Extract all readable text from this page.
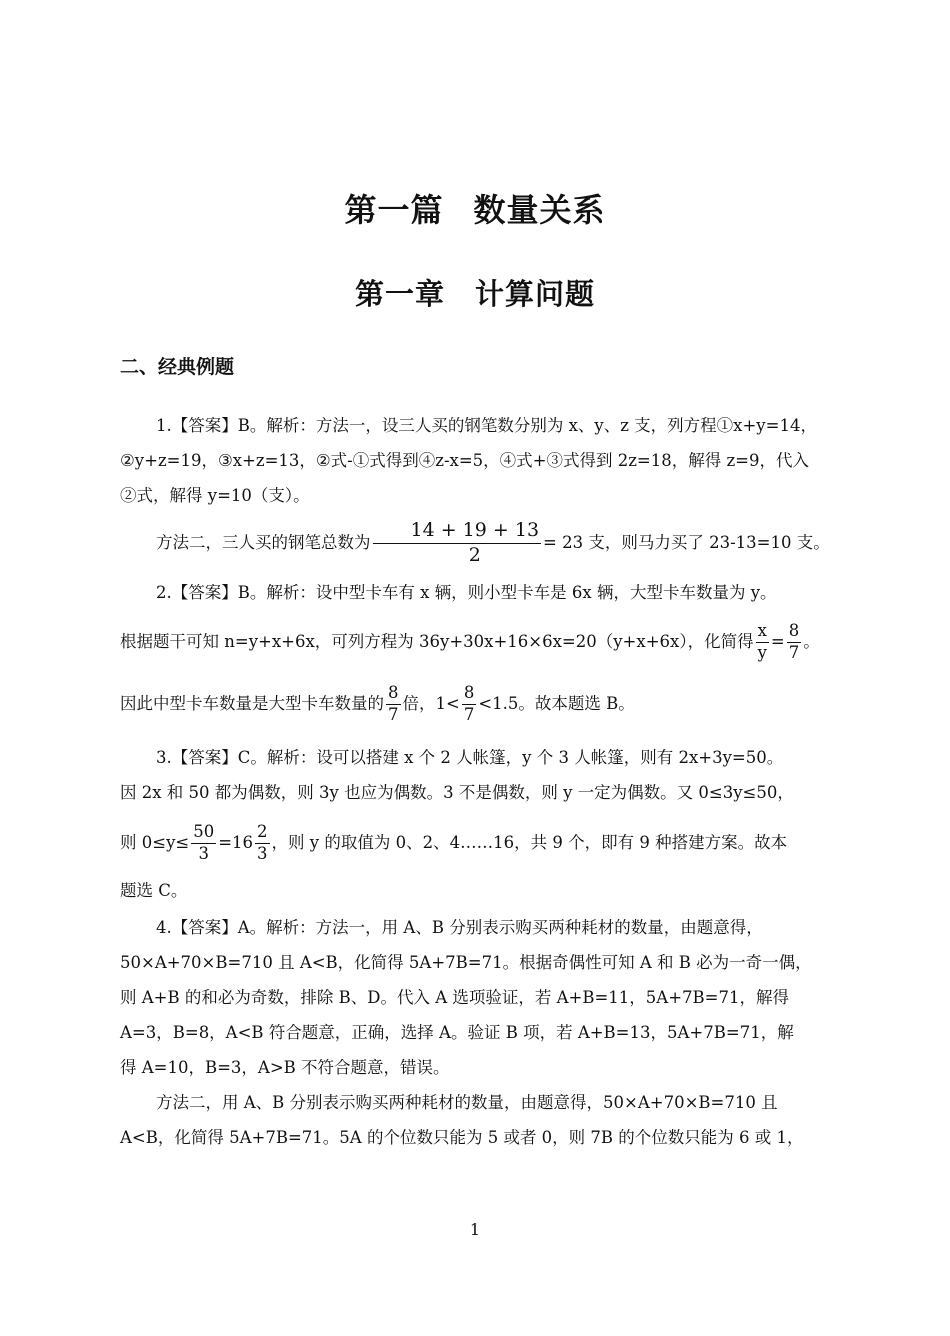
第一篇 数量关系
第一章 计算问题
二、经典例题
1.【答案】B。解析：方法一，设三人买的钢笔数分别为 x、y、z 支，列方程①x+y=14，
②y+z=19，③x+z=13，②式-①式得到④z-x=5，④式+③式得到 2z=18，解得 z=9，代入
②式，解得 y=10（支）。
方法二，三人买的钢笔总数为 $\frac{14 + 19 + 13}{2} = 23$ 支，则马力买了 23-13=10 支。
2.【答案】B。解析：设中型卡车有 x 辆，则小型卡车是 6x 辆，大型卡车数量为 y。
根据题干可知 n=y+x+6x，可列方程为 36y+30x+16×6x=20（y+x+6x），化简得 $\frac{x}{y} = \frac{8}{7}$ 。
因此中型卡车数量是大型卡车数量的 $\frac{8}{7}$ 倍，$1< \frac{8}{7} <1.5$。故本题选 B。
3.【答案】C。解析：设可以搭建 x 个 2 人帐篷，y 个 3 人帐篷，则有 2x+3y=50。
因 2x 和 50 都为偶数，则 3y 也应为偶数。3 不是偶数，则 y 一定为偶数。又 0≤3y≤50，
则 $0\le y\le \frac{50}{3} =16 \frac{2}{3}$ ，则 y 的取值为 0、2、4……16，共 9 个，即有 9 种搭建方案。故本
题选 C。
4.【答案】A。解析：方法一，用 A、B 分别表示购买两种耗材的数量，由题意得，
50×A+70×B=710 且 A<B，化简得 5A+7B=71。根据奇偶性可知 A 和 B 必为一奇一偶，
则 A+B 的和必为奇数，排除 B、D。代入 A 选项验证，若 A+B=11，5A+7B=71，解得
A=3，B=8，A<B 符合题意，正确，选择 A。验证 B 项，若 A+B=13，5A+7B=71，解
得 A=10，B=3，A>B 不符合题意，错误。
方法二，用 A、B 分别表示购买两种耗材的数量，由题意得，50×A+70×B=710 且
A<B，化简得 5A+7B=71。5A 的个位数只能为 5 或者 0，则 7B 的个位数只能为 6 或 1，
1
